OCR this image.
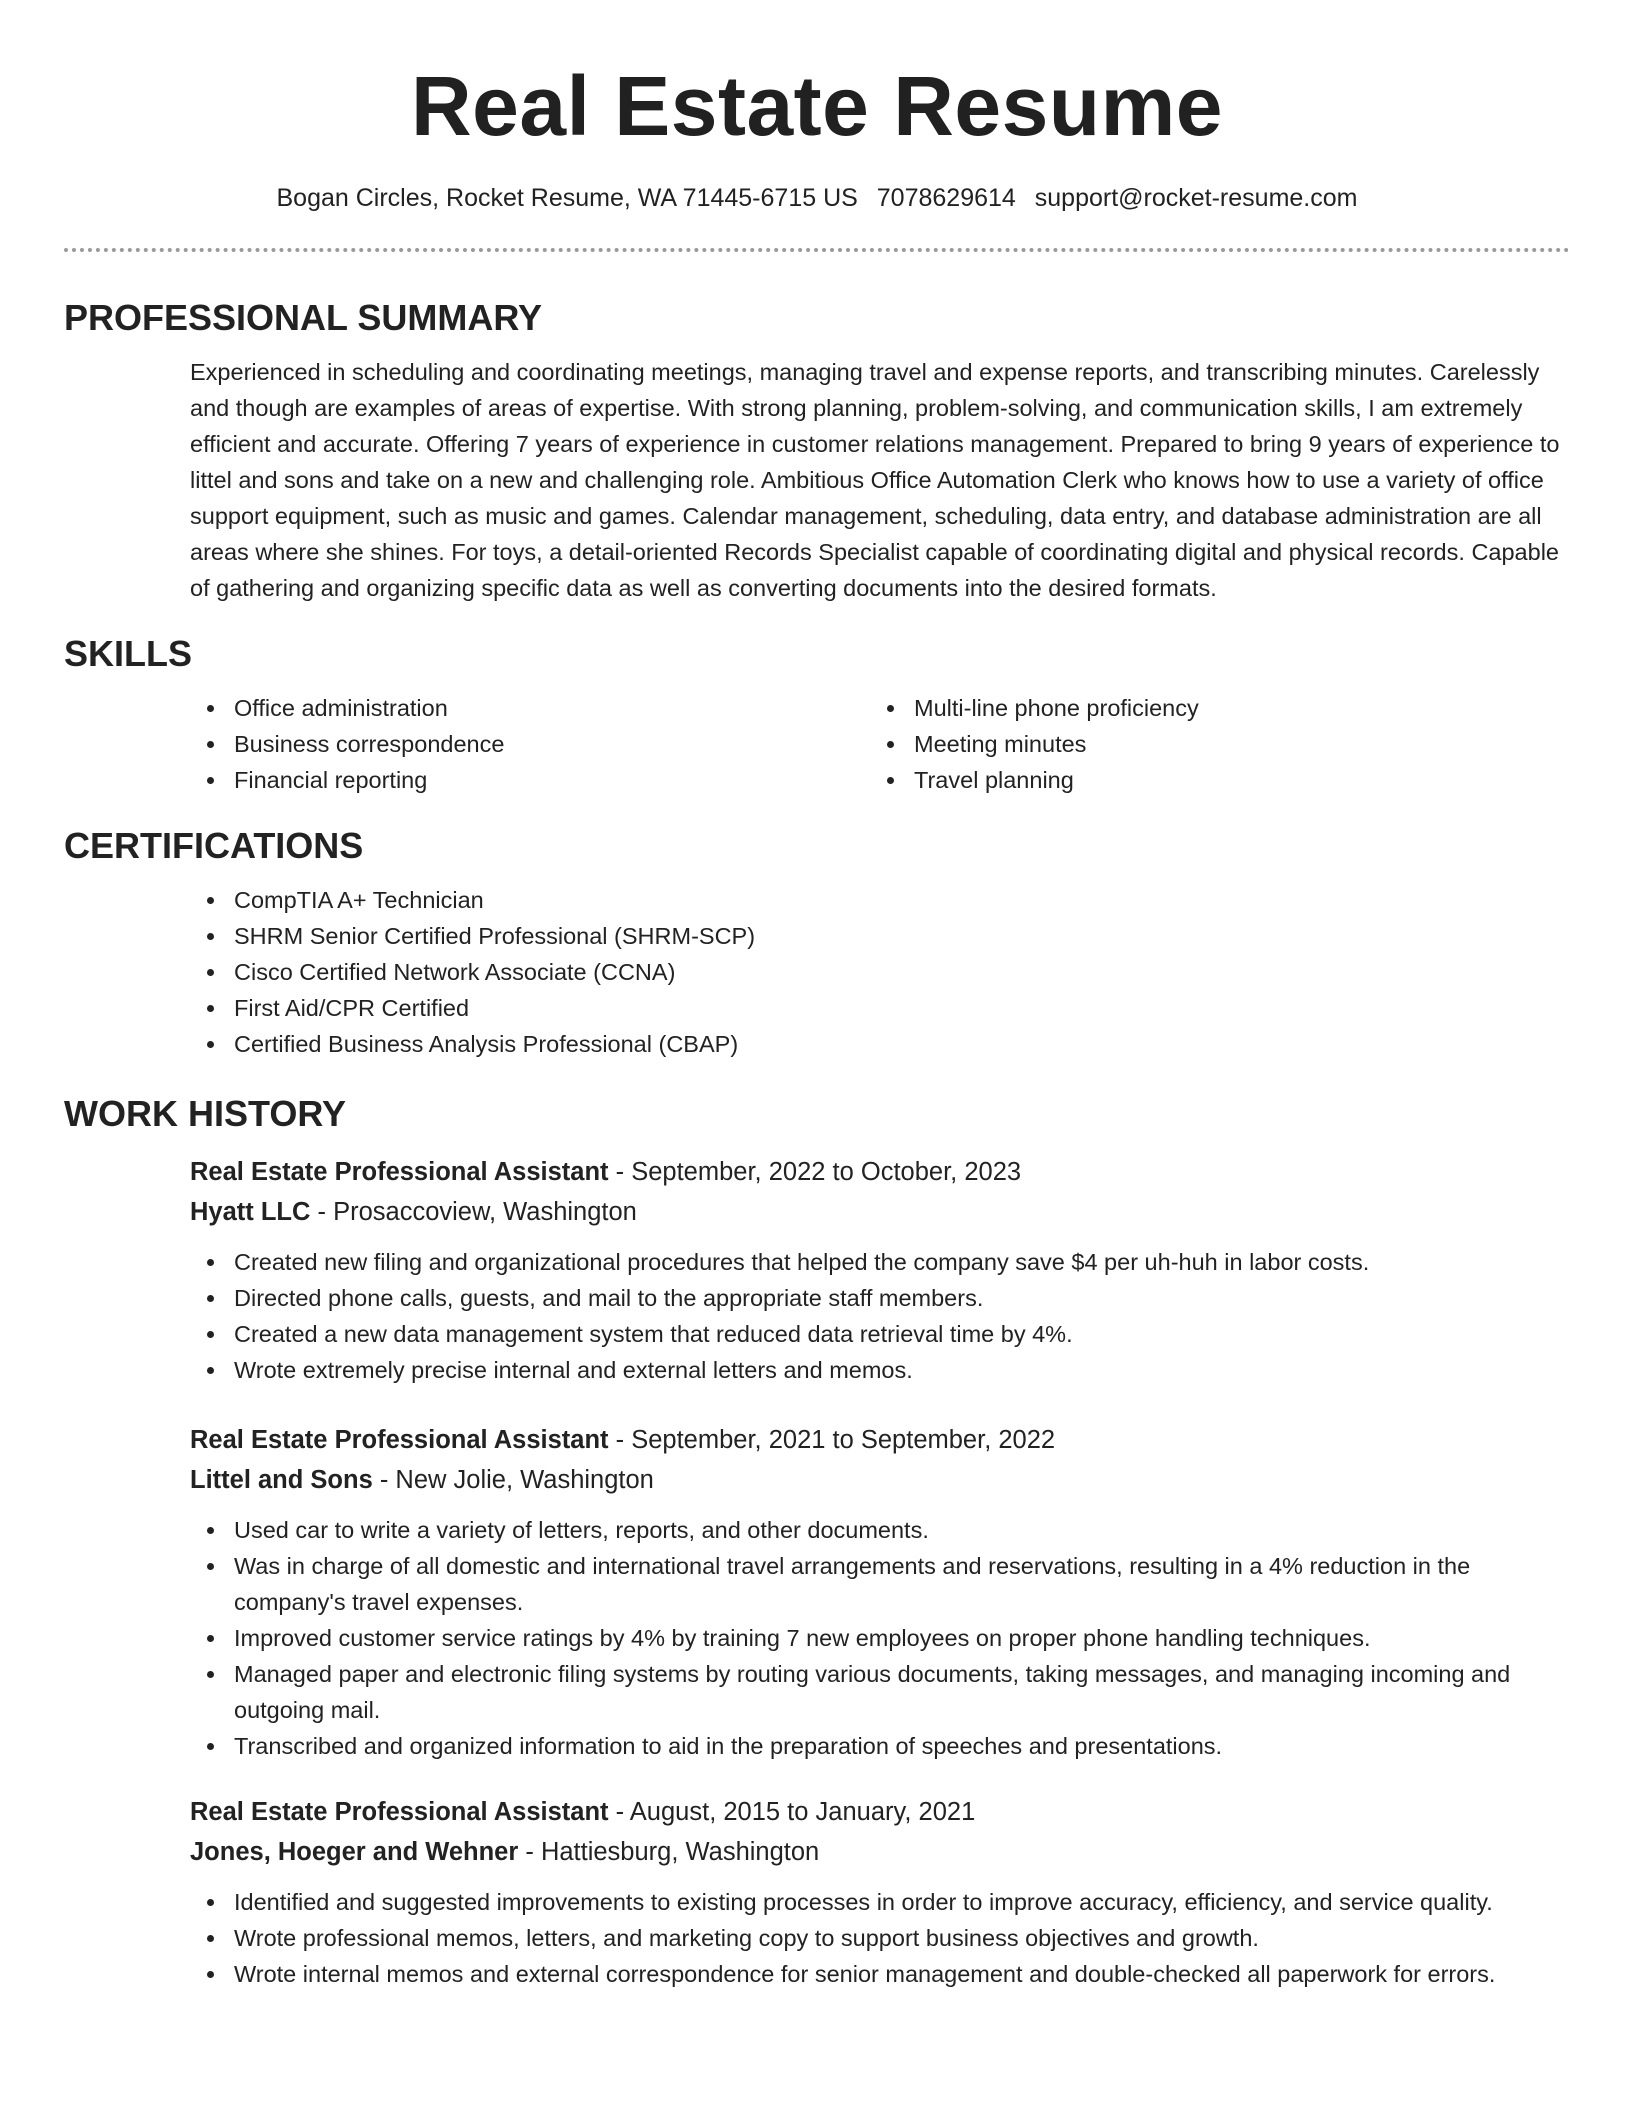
Real Estate Resume
Bogan Circles, Rocket Resume, WA 71445-6715 US 7078629614 support@rocket-resume.com
PROFESSIONAL SUMMARY

Experienced in scheduling and coordinating meetings, managing travel and expense reports, and transcribing minutes. Carelessly and though are examples of areas of expertise. With strong planning, problem-solving, and communication skills, I am extremely efficient and accurate. Offering 7 years of experience in customer relations management. Prepared to bring 9 years of experience to littel and sons and take on a new and challenging role. Ambitious Office Automation Clerk who knows how to use a variety of office support equipment, such as music and games. Calendar management, scheduling, data entry, and database administration are all areas where she shines. For toys, a detail-oriented Records Specialist capable of coordinating digital and physical records. Capable of gathering and organizing specific data as well as converting documents into the desired formats.

SKILLS
Office administration
Business correspondence
Financial reporting
Multi-line phone proficiency
Meeting minutes
Travel planning
CERTIFICATIONS
CompTIA A+ Technician
SHRM Senior Certified Professional (SHRM-SCP)
Cisco Certified Network Associate (CCNA)
First Aid/CPR Certified
Certified Business Analysis Professional (CBAP)
WORK HISTORY
Real Estate Professional Assistant - September, 2022 to October, 2023
Hyatt LLC - Prosaccoview, Washington
Created new filing and organizational procedures that helped the company save $4 per uh-huh in labor costs.
Directed phone calls, guests, and mail to the appropriate staff members.
Created a new data management system that reduced data retrieval time by 4%.
Wrote extremely precise internal and external letters and memos.
Real Estate Professional Assistant - September, 2021 to September, 2022
Littel and Sons - New Jolie, Washington
Used car to write a variety of letters, reports, and other documents.
Was in charge of all domestic and international travel arrangements and reservations, resulting in a 4% reduction in the company's travel expenses.
Improved customer service ratings by 4% by training 7 new employees on proper phone handling techniques.
Managed paper and electronic filing systems by routing various documents, taking messages, and managing incoming and outgoing mail.
Transcribed and organized information to aid in the preparation of speeches and presentations.
Real Estate Professional Assistant - August, 2015 to January, 2021
Jones, Hoeger and Wehner - Hattiesburg, Washington
Identified and suggested improvements to existing processes in order to improve accuracy, efficiency, and service quality.
Wrote professional memos, letters, and marketing copy to support business objectives and growth.
Wrote internal memos and external correspondence for senior management and double-checked all paperwork for errors.
